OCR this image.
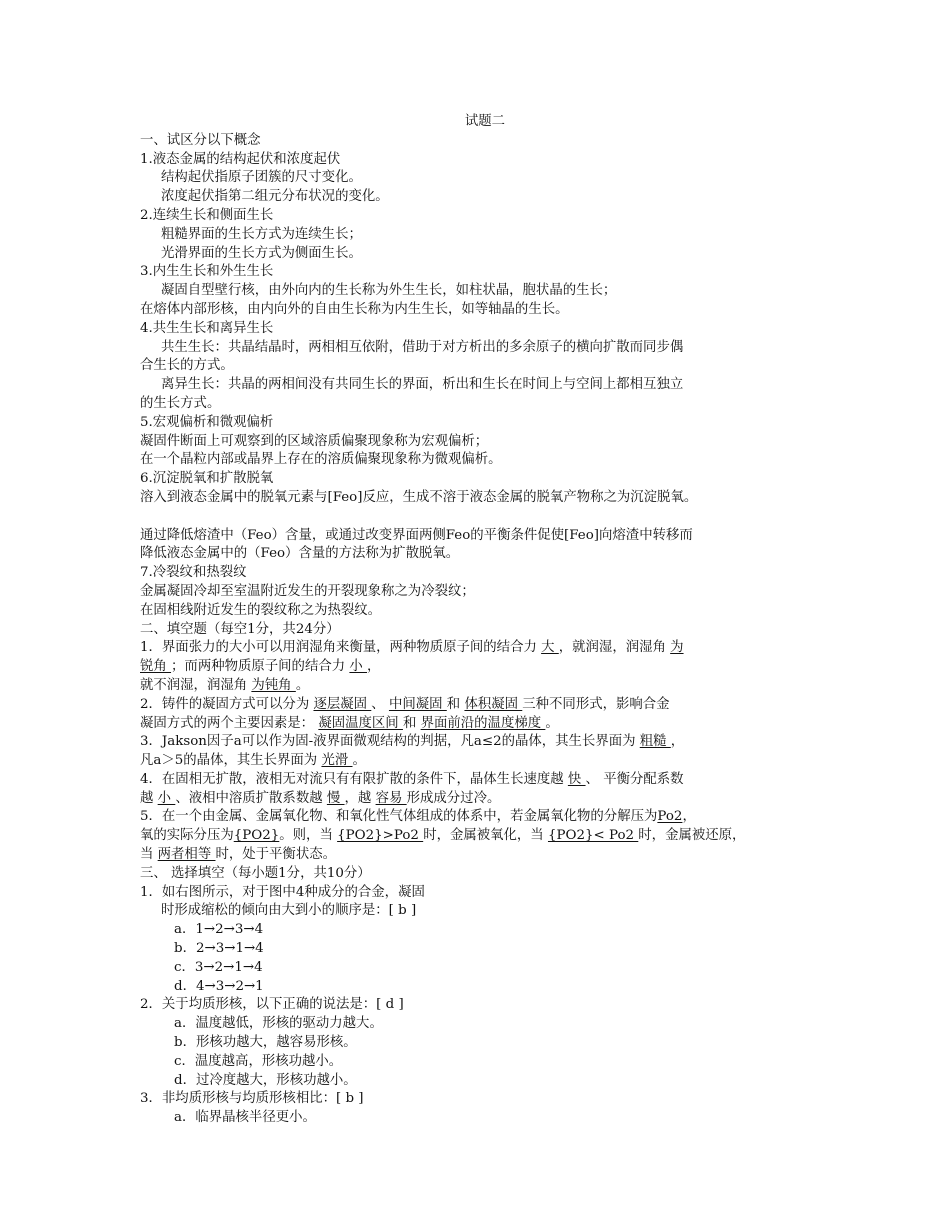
试题二
一、试区分以下概念
1.液态金属的结构起伏和浓度起伏
结构起伏指原子团簇的尺寸变化。
浓度起伏指第二组元分布状况的变化。
2.连续生长和侧面生长
粗糙界面的生长方式为连续生长；
光滑界面的生长方式为侧面生长。
3.内生生长和外生生长
凝固自型壁行核，由外向内的生长称为外生生长，如柱状晶，胞状晶的生长；
在熔体内部形核，由内向外的自由生长称为内生生长，如等轴晶的生长。
4.共生生长和离异生长
共生生长：共晶结晶时，两相相互依附，借助于对方析出的多余原子的横向扩散而同步偶
合生长的方式。
离异生长：共晶的两相间没有共同生长的界面，析出和生长在时间上与空间上都相互独立
的生长方式。
5.宏观偏析和微观偏析
凝固件断面上可观察到的区域溶质偏聚现象称为宏观偏析；
在一个晶粒内部或晶界上存在的溶质偏聚现象称为微观偏析。
6.沉淀脱氧和扩散脱氧
溶入到液态金属中的脱氧元素与[Feo]反应，生成不溶于液态金属的脱氧产物称之为沉淀脱氧。
通过降低熔渣中（Feo）含量，或通过改变界面两侧Feo的平衡条件促使[Feo]向熔渣中转移而
降低液态金属中的（Feo）含量的方法称为扩散脱氧。
7.冷裂纹和热裂纹
金属凝固冷却至室温附近发生的开裂现象称之为冷裂纹；
在固相线附近发生的裂纹称之为热裂纹。
二、填空题（每空1分，共24分）
1．界面张力的大小可以用润湿角来衡量，两种物质原子间的结合力 大 ，就润湿，润湿角 为
锐角 ；而两种物质原子间的结合力 小 ，
就不润湿，润湿角 为钝角 。
2．铸件的凝固方式可以分为 逐层凝固 、 中间凝固 和 体积凝固 三种不同形式，影响合金
凝固方式的两个主要因素是： 凝固温度区间 和 界面前沿的温度梯度 。
3．Jakson因子a可以作为固-液界面微观结构的判据，凡a≤2的晶体，其生长界面为 粗糙 ，
凡a＞5的晶体，其生长界面为 光滑 。
4．在固相无扩散，液相无对流只有有限扩散的条件下，晶体生长速度越 快 、 平衡分配系数
越 小 、液相中溶质扩散系数越 慢 ，越 容易 形成成分过冷。
5．在一个由金属、金属氧化物、和氧化性气体组成的体系中，若金属氧化物的分解压为Po2，
氧的实际分压为{PO2}。则，当 {PO2}>Po2 时，金属被氧化，当 {PO2}< Po2 时，金属被还原，
当 两者相等 时，处于平衡状态。
三、 选择填空（每小题1分，共10分）
1．如右图所示，对于图中4种成分的合金，凝固
时形成缩松的倾向由大到小的顺序是：[ b ]
a．1→2→3→4
b．2→3→1→4
c．3→2→1→4
d．4→3→2→1
2．关于均质形核，以下正确的说法是：[ d ]
a．温度越低，形核的驱动力越大。
b．形核功越大，越容易形核。
c．温度越高，形核功越小。
d．过冷度越大，形核功越小。
3．非均质形核与均质形核相比：[ b ]
a．临界晶核半径更小。
